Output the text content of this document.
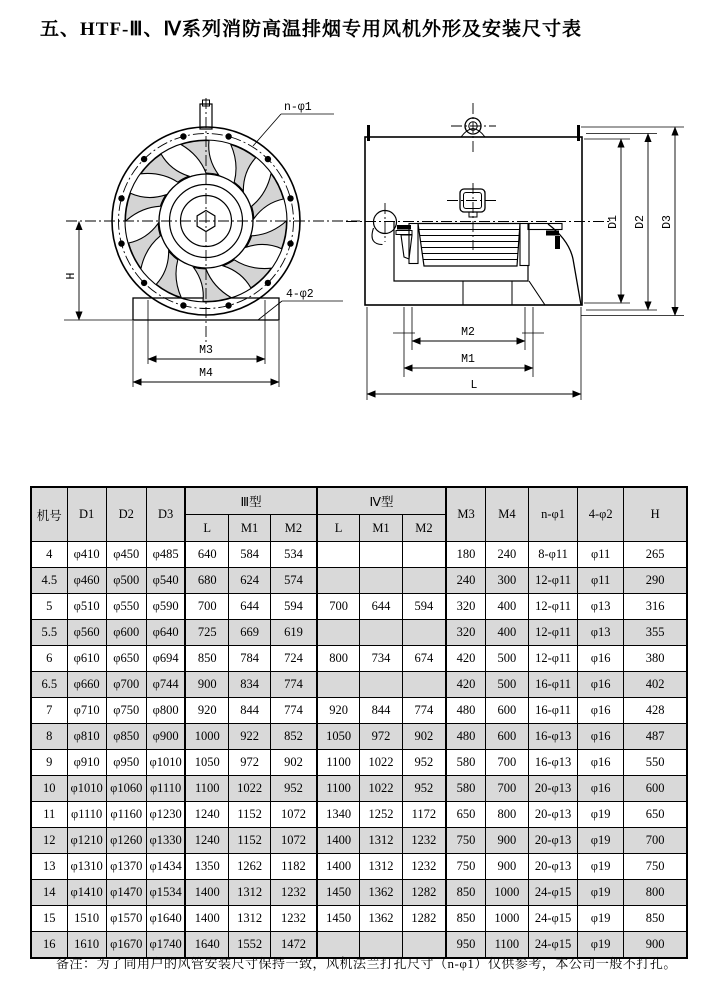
五、HTF-Ⅲ、Ⅳ系列消防高温排烟专用风机外形及安装尺寸表
H
M3
M4
n-φ1
4-φ2
D1 D2 D3
M2
M1
L
机号	D1	D2	D3	Ⅲ型			Ⅳ型			M3	M4	n-φ1	4-φ2	H
				L	M1	M2	L	M1	M2					
4	φ410	φ450	φ485	640	584	534				180	240	8-φ11	φ11	265
4.5	φ460	φ500	φ540	680	624	574				240	300	12-φ11	φ11	290
5	φ510	φ550	φ590	700	644	594	700	644	594	320	400	12-φ11	φ13	316
5.5	φ560	φ600	φ640	725	669	619				320	400	12-φ11	φ13	355
6	φ610	φ650	φ694	850	784	724	800	734	674	420	500	12-φ11	φ16	380
6.5	φ660	φ700	φ744	900	834	774				420	500	16-φ11	φ16	402
7	φ710	φ750	φ800	920	844	774	920	844	774	480	600	16-φ11	φ16	428
8	φ810	φ850	φ900	1000	922	852	1050	972	902	480	600	16-φ13	φ16	487
9	φ910	φ950	φ1010	1050	972	902	1100	1022	952	580	700	16-φ13	φ16	550
10	φ1010	φ1060	φ1110	1100	1022	952	1100	1022	952	580	700	20-φ13	φ16	600
11	φ1110	φ1160	φ1230	1240	1152	1072	1340	1252	1172	650	800	20-φ13	φ19	650
12	φ1210	φ1260	φ1330	1240	1152	1072	1400	1312	1232	750	900	20-φ13	φ19	700
13	φ1310	φ1370	φ1434	1350	1262	1182	1400	1312	1232	750	900	20-φ13	φ19	750
14	φ1410	φ1470	φ1534	1400	1312	1232	1450	1362	1282	850	1000	24-φ15	φ19	800
15	1510	φ1570	φ1640	1400	1312	1232	1450	1362	1282	850	1000	24-φ15	φ19	850
16	1610	φ1670	φ1740	1640	1552	1472				950	1100	24-φ15	φ19	900
备注：为了同用户的风管安装尺寸保持一致，风机法兰打孔尺寸（n-φ1）仅供参考，本公司一般不打孔。
